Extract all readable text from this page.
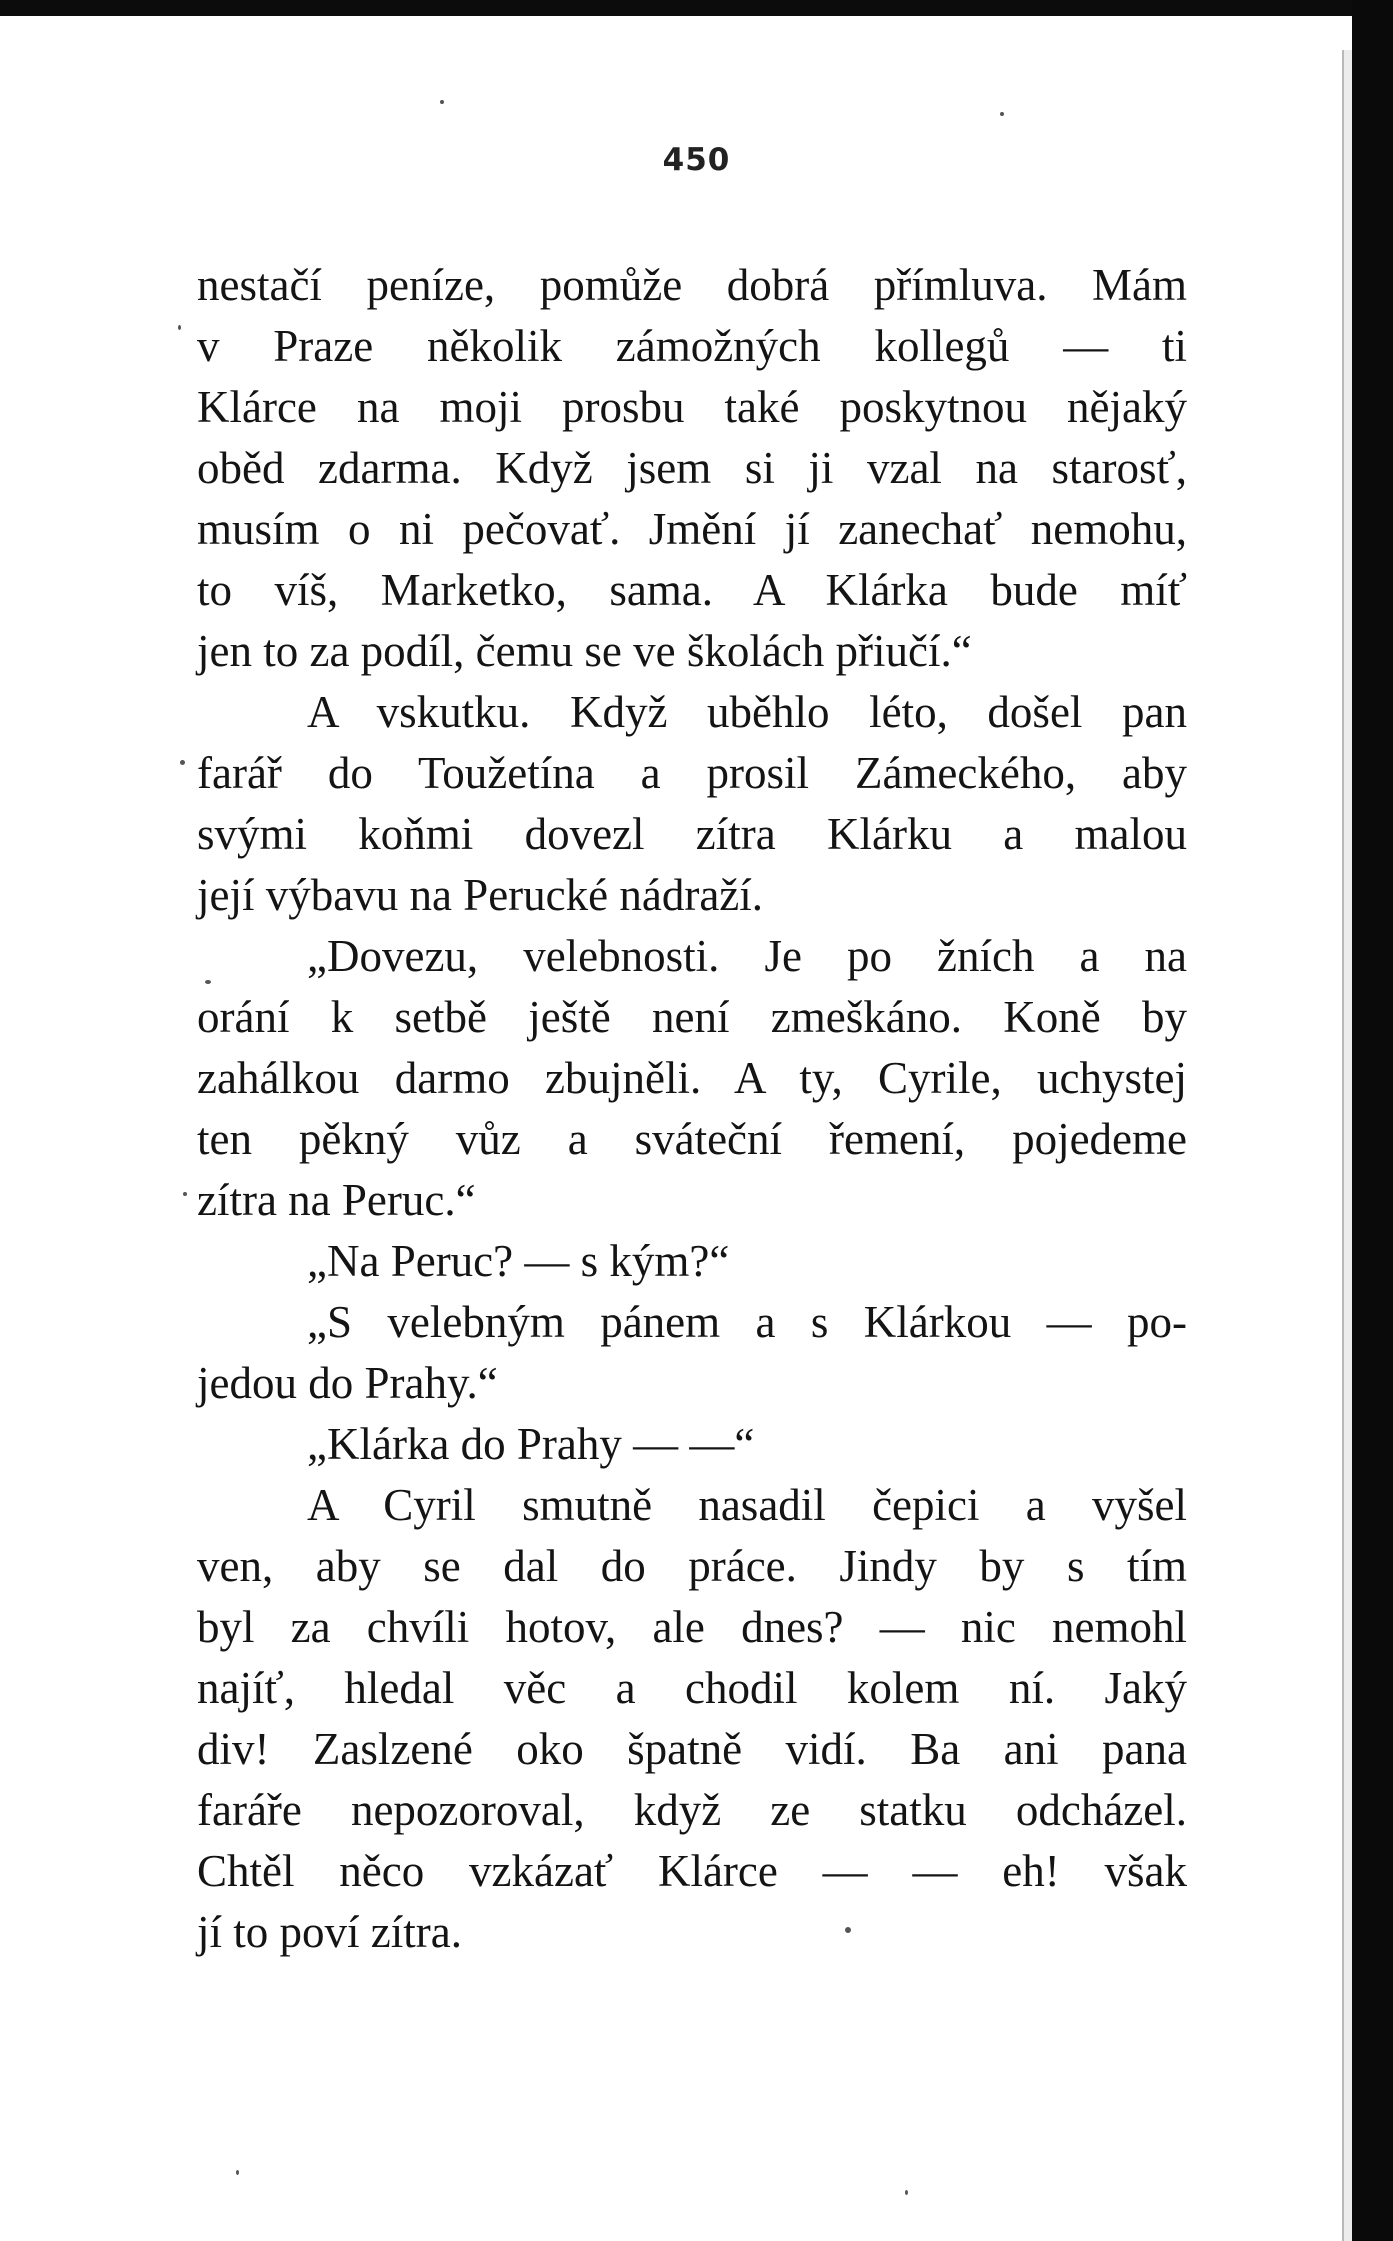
450
nestačí peníze, pomůže dobrá přímluva. Mám
v Praze několik zámožných kollegů — ti
Klárce na moji prosbu také poskytnou nějaký
oběd zdarma. Když jsem si ji vzal na starosť,
musím o ni pečovať. Jmění jí zanechať nemohu,
to víš, Marketko, sama. A Klárka bude míť
jen to za podíl, čemu se ve školách přiučí.“
A vskutku. Když uběhlo léto, došel pan
farář do Toužetína a prosil Zámeckého, aby
svými koňmi dovezl zítra Klárku a malou
její výbavu na Perucké nádraží.
„Dovezu, velebnosti. Je po žních a na
orání k setbě ještě není zmeškáno. Koně by
zahálkou darmo zbujněli. A ty, Cyrile, uchystej
ten pěkný vůz a sváteční řemení, pojedeme
zítra na Peruc.“
„Na Peruc? — s kým?“
„S velebným pánem a s Klárkou — po-
jedou do Prahy.“
„Klárka do Prahy — —“
A Cyril smutně nasadil čepici a vyšel
ven, aby se dal do práce. Jindy by s tím
byl za chvíli hotov, ale dnes? — nic nemohl
najíť, hledal věc a chodil kolem ní. Jaký
div! Zaslzené oko špatně vidí. Ba ani pana
faráře nepozoroval, když ze statku odcházel.
Chtěl něco vzkázať Klárce — — eh! však
jí to poví zítra.
